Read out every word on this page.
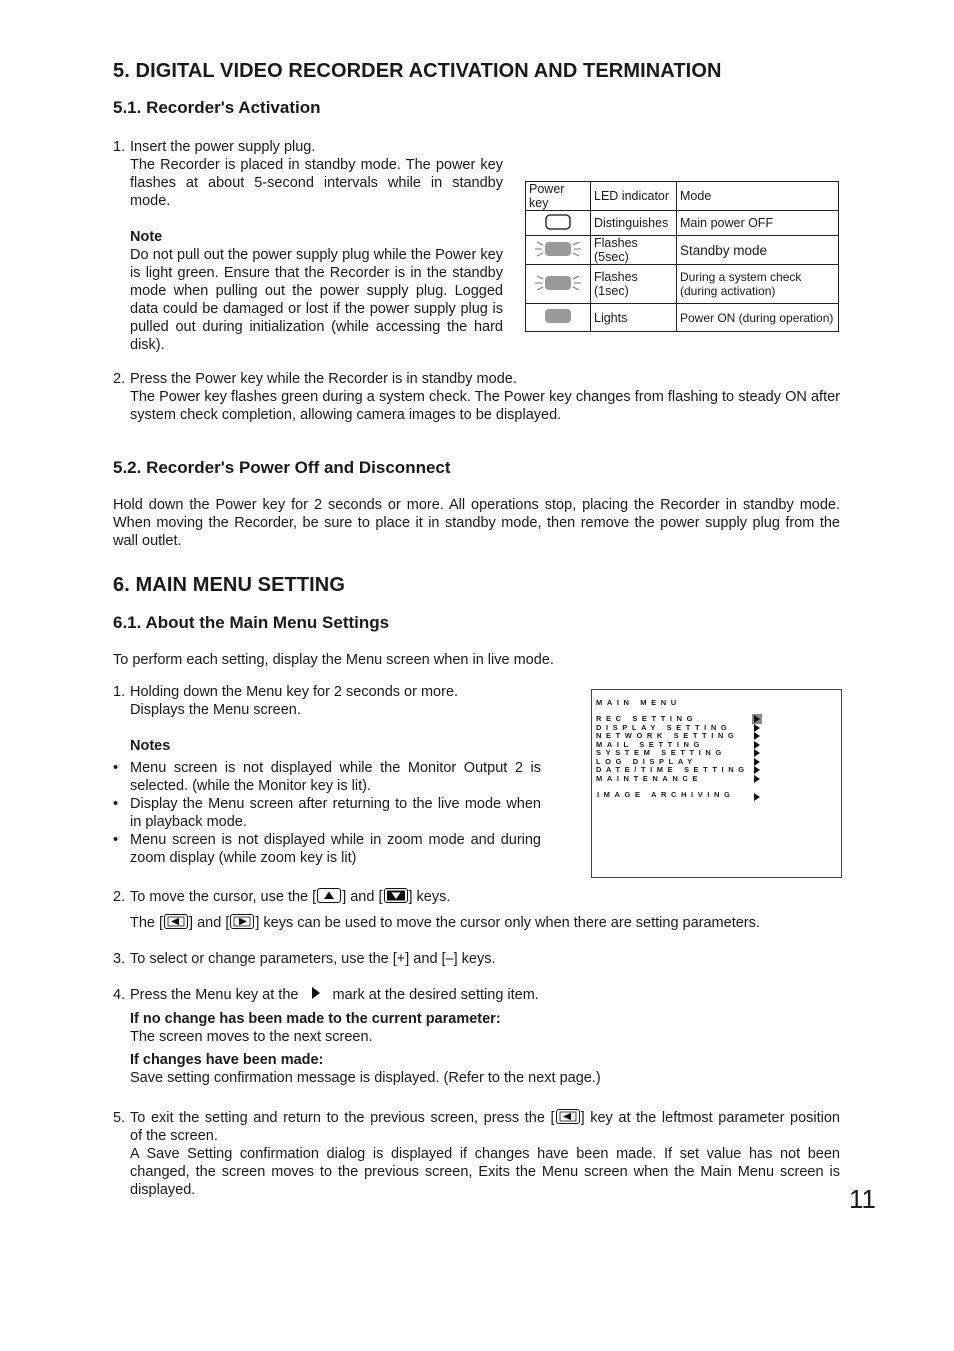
5. DIGITAL VIDEO RECORDER ACTIVATION AND TERMINATION
5.1. Recorder's Activation
1. Insert the power supply plug.
The Recorder is placed in standby mode. The power key flashes at about 5-second intervals while in standby mode.
Note
Do not pull out the power supply plug while the Power key is light green. Ensure that the Recorder is in the standby mode when pulling out the power supply plug. Logged data could be damaged or lost if the power supply plug is pulled out during initialization (while accessing the hard disk).
Power key	LED indicator	Mode
	Distinguishes	Main power OFF
	Flashes (5sec)	Standby mode
	Flashes (1sec)	During a system check
(during activation)
	Lights	Power ON (during operation)
2. Press the Power key while the Recorder is in standby mode.
The Power key flashes green during a system check. The Power key changes from flashing to steady ON after system check completion, allowing camera images to be displayed.
5.2. Recorder's Power Off and Disconnect
Hold down the Power key for 2 seconds or more. All operations stop, placing the Recorder in standby mode. When moving the Recorder, be sure to place it in standby mode, then remove the power supply plug from the wall outlet.
6. MAIN MENU SETTING
6.1. About the Main Menu Settings
To perform each setting, display the Menu screen when in live mode.
1. Holding down the Menu key for 2 seconds or more.
Displays the Menu screen.
Notes
• Menu screen is not displayed while the Monitor Output 2 is selected. (while the Monitor key is lit).
• Display the Menu screen after returning to the live mode when in playback mode.
• Menu screen is not displayed while in zoom mode and during zoom display (while zoom key is lit)
MAIN MENU
REC SETTING
DISPLAY SETTING
NETWORK SETTING
MAIL SETTING
SYSTEM SETTING
LOG DISPLAY
DATE/TIME SETTING
MAINTENANCE
IMAGE ARCHIVING
2. To move the cursor, use the [ ] and [ ] keys.
The [ ] and [ ] keys can be used to move the cursor only when there are setting parameters.
3. To select or change parameters, use the [+] and [–] keys.
4. Press the Menu key at the mark at the desired setting item.
If no change has been made to the current parameter:
The screen moves to the next screen.
If changes have been made:
Save setting confirmation message is displayed. (Refer to the next page.)
5. To exit the setting and return to the previous screen, press the [ ] key at the leftmost parameter position
of the screen.
A Save Setting confirmation dialog is displayed if changes have been made. If set value has not been changed, the screen moves to the previous screen, Exits the Menu screen when the Main Menu screen is displayed.	11
